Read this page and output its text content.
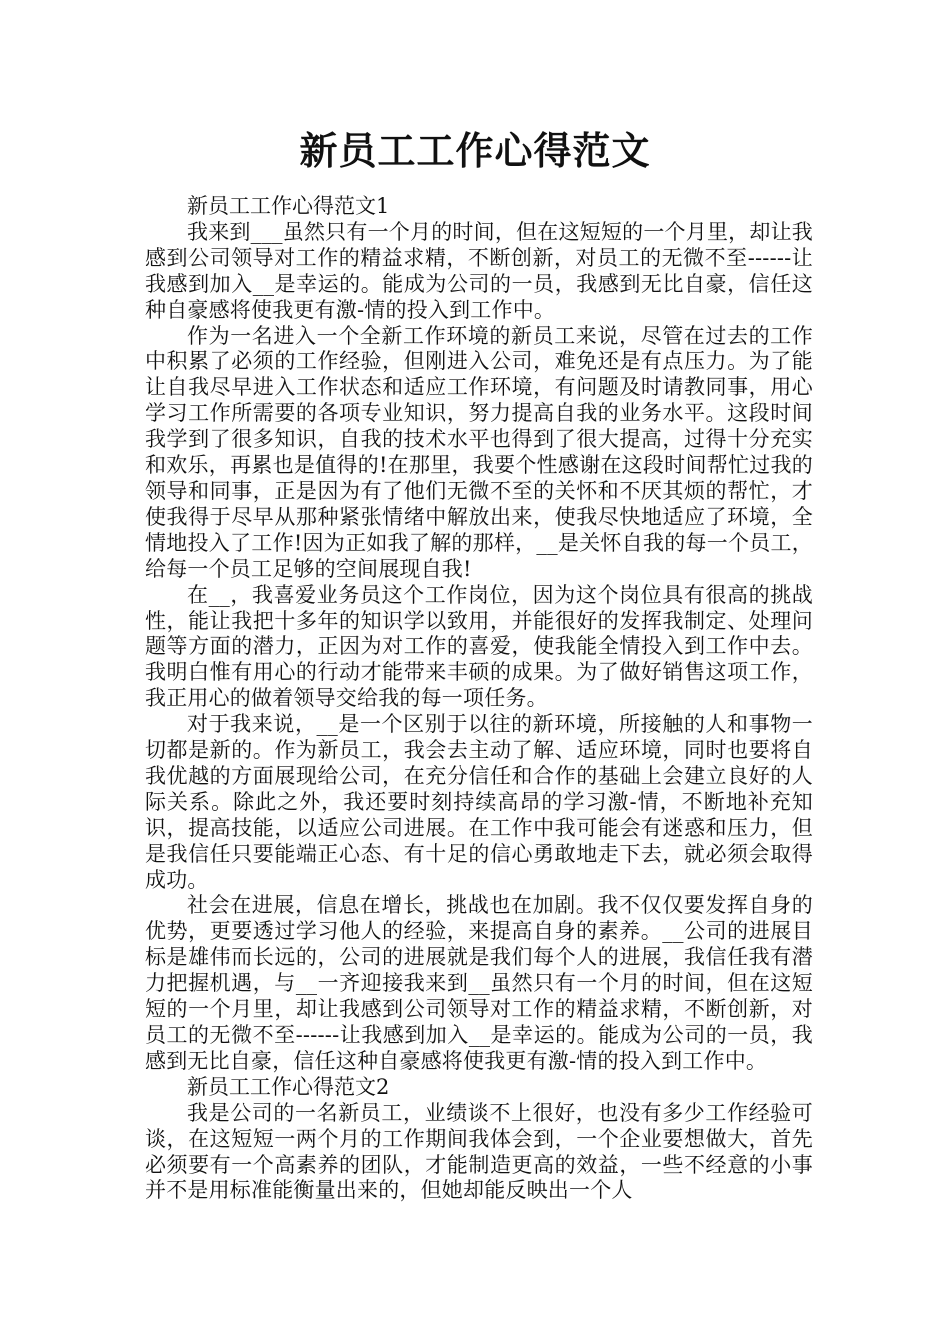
新员工工作心得范文

新员工工作心得范文1

我来到___虽然只有一个月的时间，但在这短短的一个月里，却让我感到公司领导对工作的精益求精，不断创新，对员工的无微不至------让我感到加入__是幸运的。能成为公司的一员，我感到无比自豪，信任这种自豪感将使我更有激-情的投入到工作中。

作为一名进入一个全新工作环境的新员工来说，尽管在过去的工作中积累了必须的工作经验，但刚进入公司，难免还是有点压力。为了能让自我尽早进入工作状态和适应工作环境，有问题及时请教同事，用心学习工作所需要的各项专业知识，努力提高自我的业务水平。这段时间我学到了很多知识，自我的技术水平也得到了很大提高，过得十分充实和欢乐，再累也是值得的!在那里，我要个性感谢在这段时间帮忙过我的领导和同事，正是因为有了他们无微不至的关怀和不厌其烦的帮忙，才使我得于尽早从那种紧张情绪中解放出来，使我尽快地适应了环境，全情地投入了工作!因为正如我了解的那样，__是关怀自我的每一个员工，给每一个员工足够的空间展现自我!

在__，我喜爱业务员这个工作岗位，因为这个岗位具有很高的挑战性，能让我把十多年的知识学以致用，并能很好的发挥我制定、处理问题等方面的潜力，正因为对工作的喜爱，使我能全情投入到工作中去。我明白惟有用心的行动才能带来丰硕的成果。为了做好销售这项工作，我正用心的做着领导交给我的每一项任务。

对于我来说，__是一个区别于以往的新环境，所接触的人和事物一切都是新的。作为新员工，我会去主动了解、适应环境，同时也要将自我优越的方面展现给公司，在充分信任和合作的基础上会建立良好的人际关系。除此之外，我还要时刻持续高昂的学习激-情，不断地补充知识，提高技能，以适应公司进展。在工作中我可能会有迷惑和压力，但是我信任只要能端正心态、有十足的信心勇敢地走下去，就必须会取得成功。

社会在进展，信息在增长，挑战也在加剧。我不仅仅要发挥自身的优势，更要透过学习他人的经验，来提高自身的素养。__公司的进展目标是雄伟而长远的，公司的进展就是我们每个人的进展，我信任我有潜力把握机遇，与__一齐迎接我来到__虽然只有一个月的时间，但在这短短的一个月里，却让我感到公司领导对工作的精益求精，不断创新，对员工的无微不至------让我感到加入__是幸运的。能成为公司的一员，我感到无比自豪，信任这种自豪感将使我更有激-情的投入到工作中。

新员工工作心得范文2

我是公司的一名新员工，业绩谈不上很好，也没有多少工作经验可谈，在这短短一两个月的工作期间我体会到，一个企业要想做大，首先必须要有一个高素养的团队，才能制造更高的效益，一些不经意的小事并不是用标准能衡量出来的，但她却能反映出一个人
